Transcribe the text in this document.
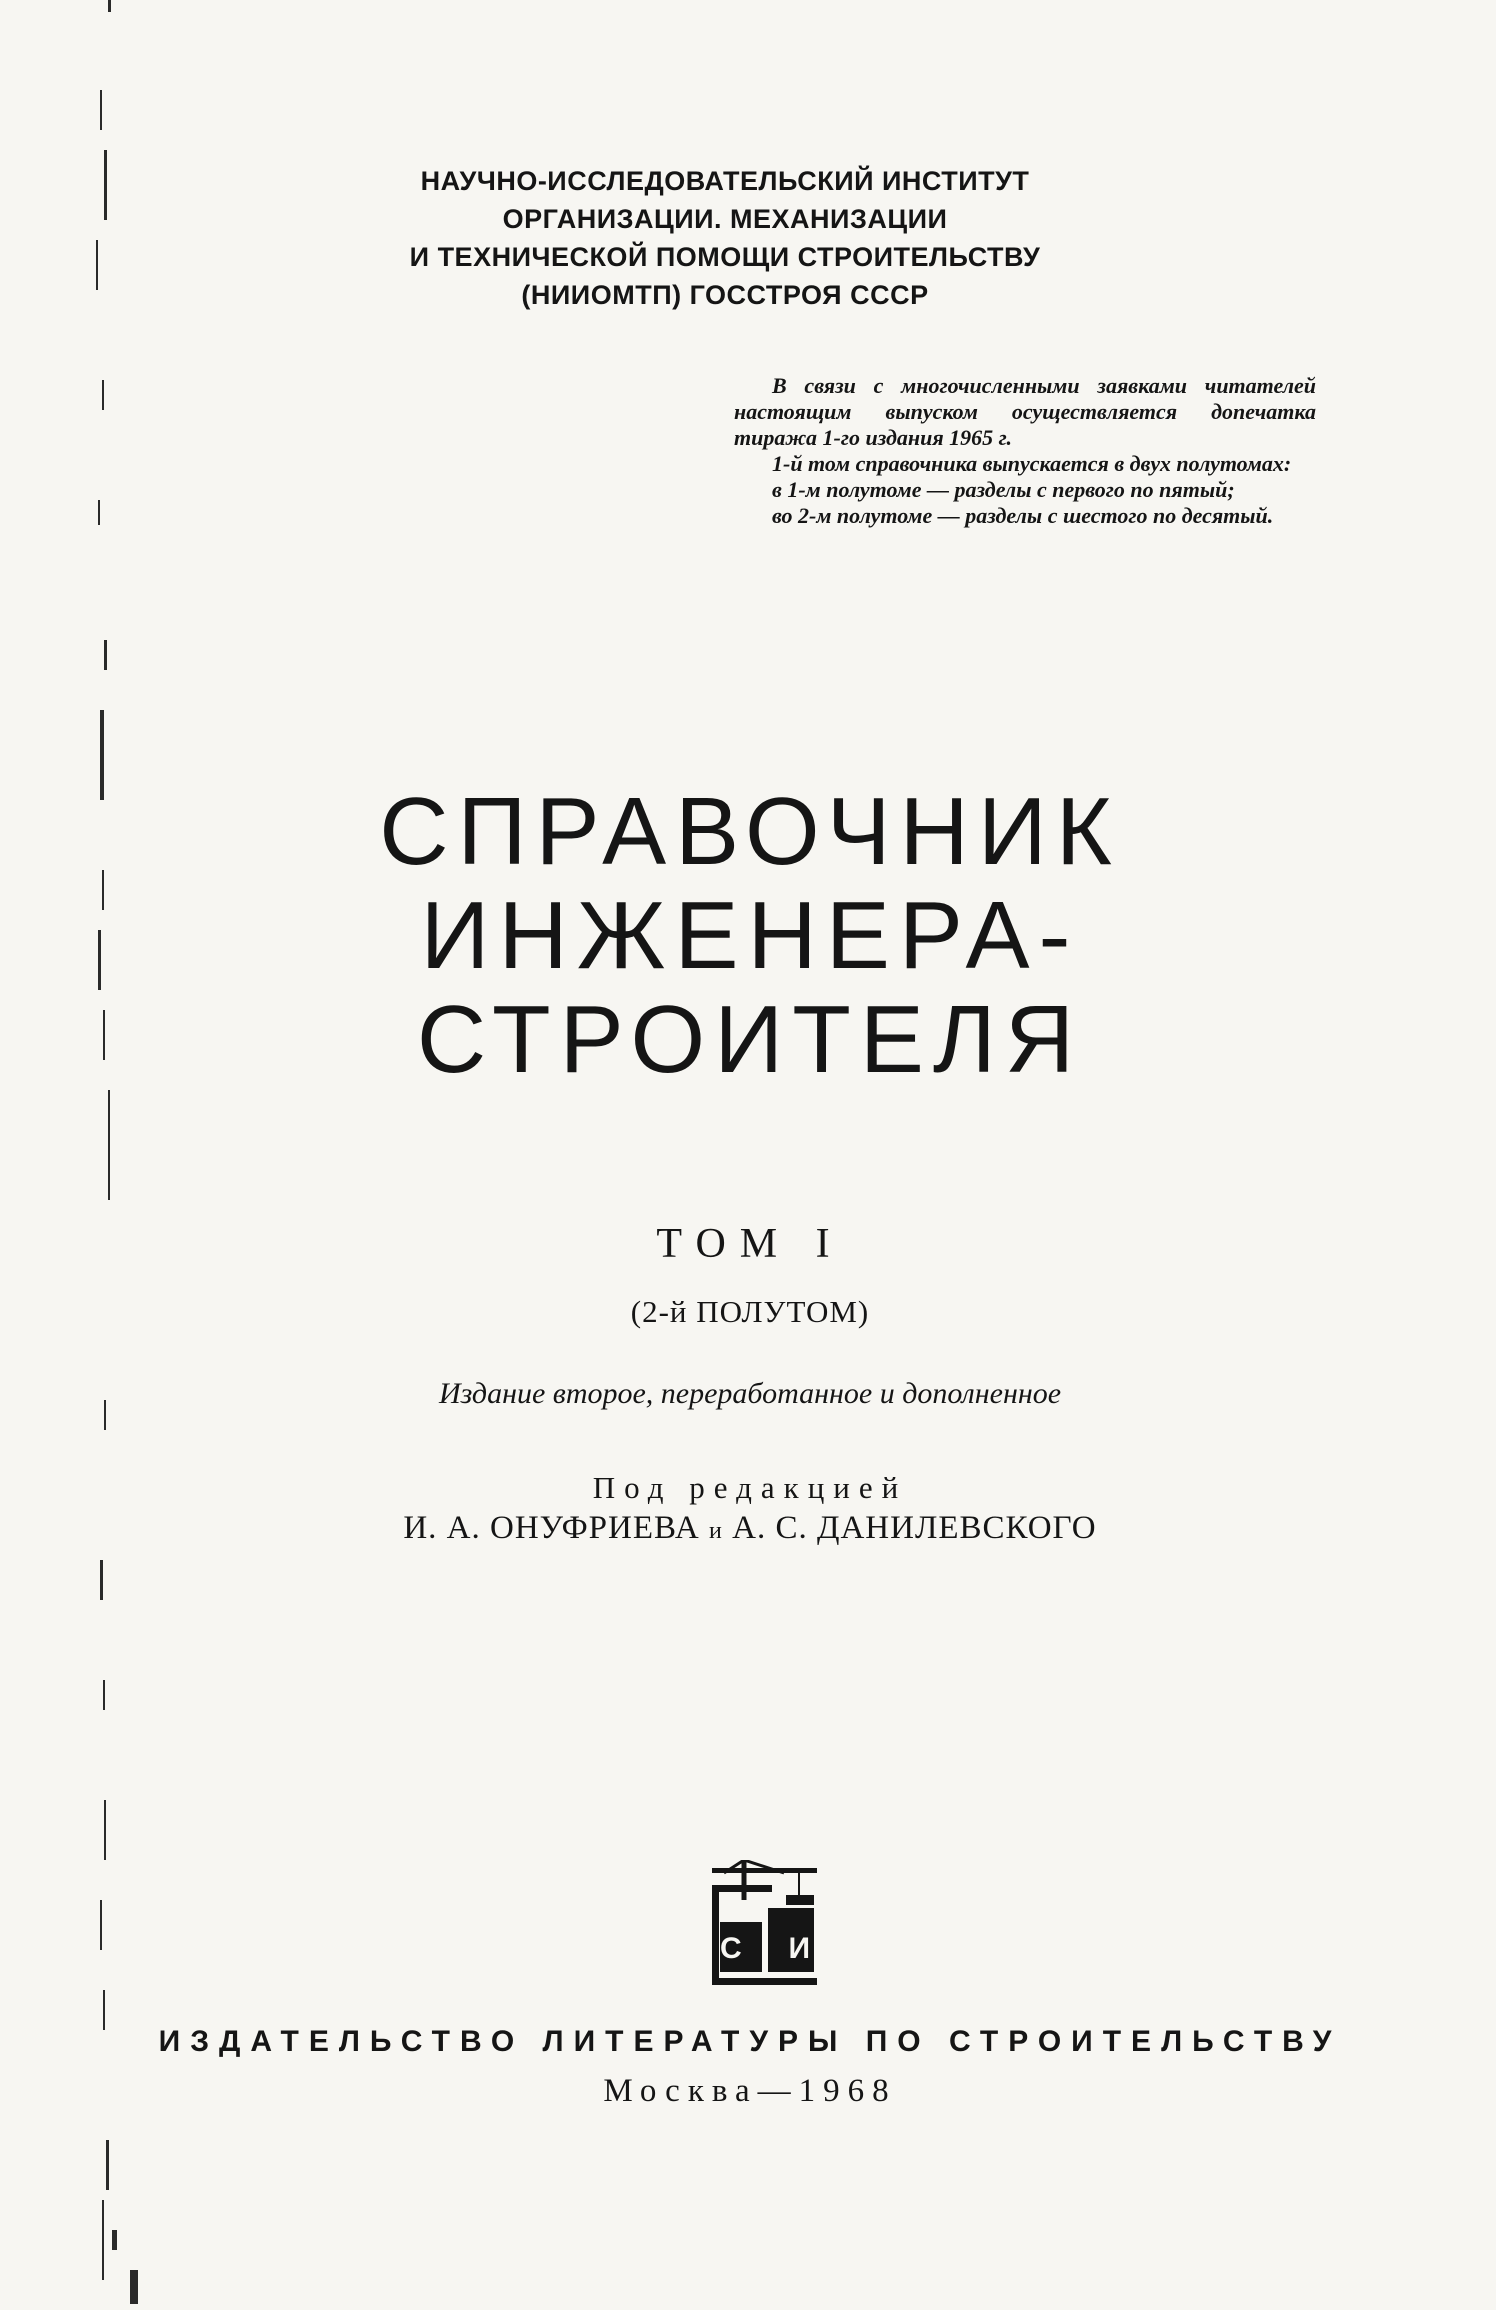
НАУЧНО-ИССЛЕДОВАТЕЛЬСКИЙ ИНСТИТУТ
ОРГАНИЗАЦИИ. МЕХАНИЗАЦИИ
И ТЕХНИЧЕСКОЙ ПОМОЩИ СТРОИТЕЛЬСТВУ
(НИИОМТП) ГОССТРОЯ СССР

В связи с многочисленными заявками читателей настоящим выпуском осуществляется допечатка тиража 1-го издания 1965 г.

1-й том справочника выпускается в двух полутомах:

в 1-м полутоме — разделы с первого по пятый;

во 2-м полутоме — разделы с шестого по десятый.

СПРАВОЧНИК
ИНЖЕНЕРА-
СТРОИТЕЛЯ
ТОМ I
(2-й ПОЛУТОМ)
Издание второе, переработанное и дополненное
Под редакцией
И. А. ОНУФРИЕВА и А. С. ДАНИЛЕВСКОГО
С И
ИЗДАТЕЛЬСТВО ЛИТЕРАТУРЫ ПО СТРОИТЕЛЬСТВУ
Москва—1968
